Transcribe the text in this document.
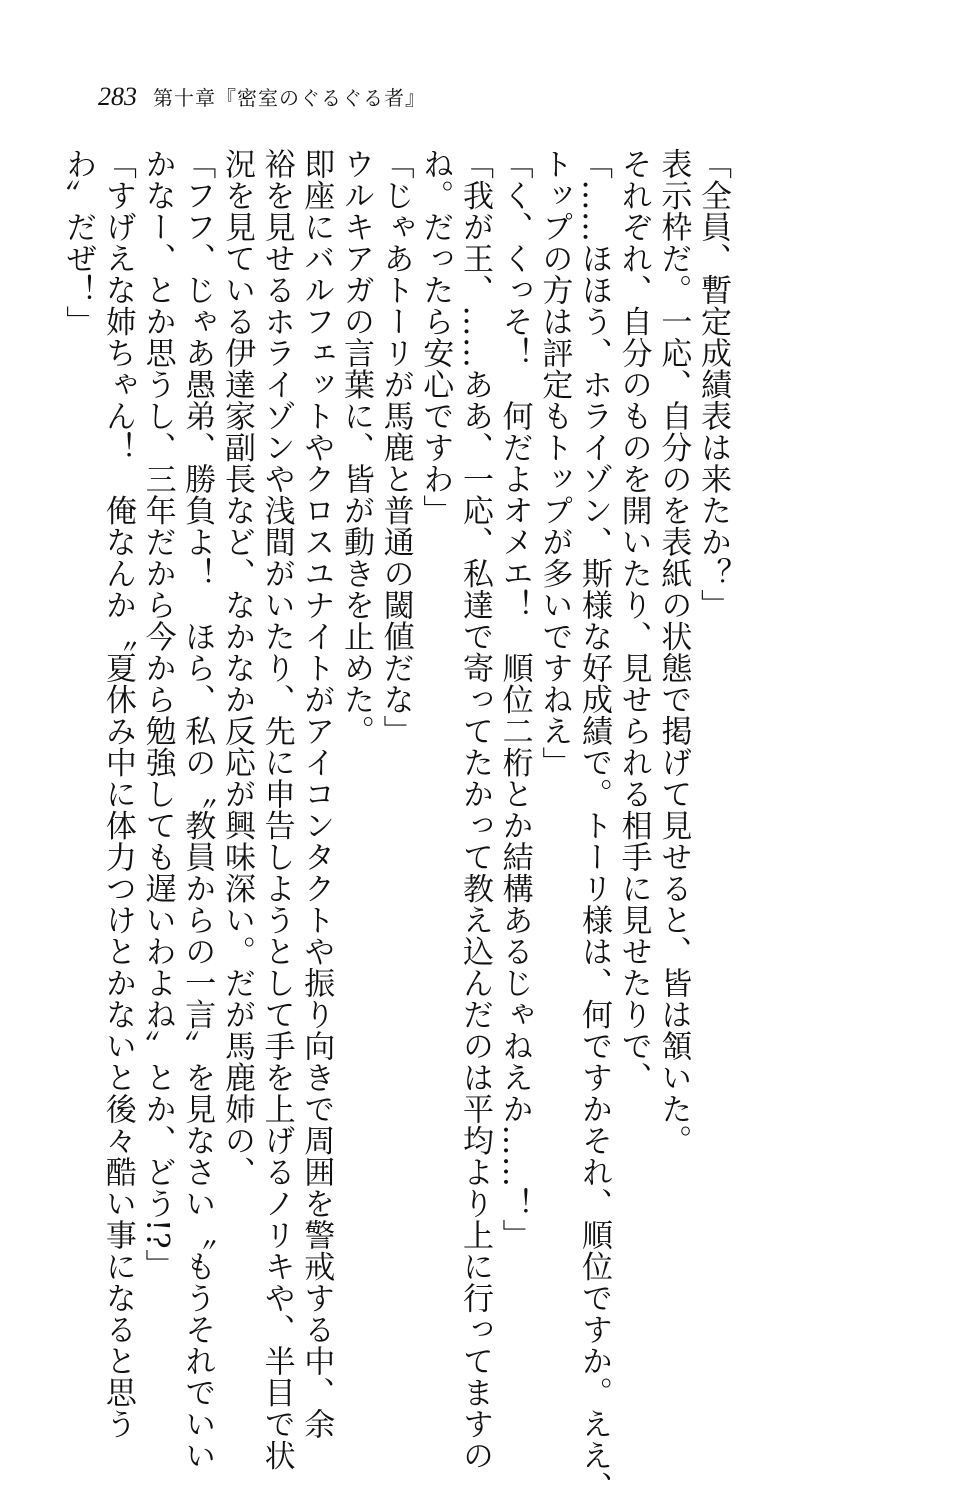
283 第十章『密室のぐるぐる者』
「全員、暫定成績表は来たか？」
表示枠だ。一応、自分のを表紙の状態で掲げて見せると、皆は頷いた。
それぞれ、自分のものを開いたり、見せられる相手に見せたりで、
「……ほほう、ホライゾン、斯様な好成績で。トーリ様は、何ですかそれ、順位ですか。ええ、
トップの方は評定もトップが多いですねえ」
「く、くっそ！　何だよオメエ！　順位二桁とか結構あるじゃねえか……！」
「我が王、……ああ、一応、私達で寄ってたかって教え込んだのは平均より上に行ってますの
ね。だったら安心ですわ」
「じゃあトーリが馬鹿と普通の閾値だな」
ウルキアガの言葉に、皆が動きを止めた。
即座にバルフェットやクロスユナイトがアイコンタクトや振り向きで周囲を警戒する中、余
裕を見せるホライゾンや浅間がいたり、先に申告しようとして手を上げるノリキや、半目で状
況を見ている伊達家副長など、なかなか反応が興味深い。だが馬鹿姉の、
「フフ、じゃあ愚弟、勝負よ！　ほら、私の〝教員からの一言〟を見なさい〝もうそれでいい
かなー、とか思うし、三年だから今から勉強しても遅いわよね〟とか、どう!?」
「すげえな姉ちゃん！　俺なんか〝夏休み中に体力つけとかないと後々酷い事になると思う
わ〟だぜ！」
